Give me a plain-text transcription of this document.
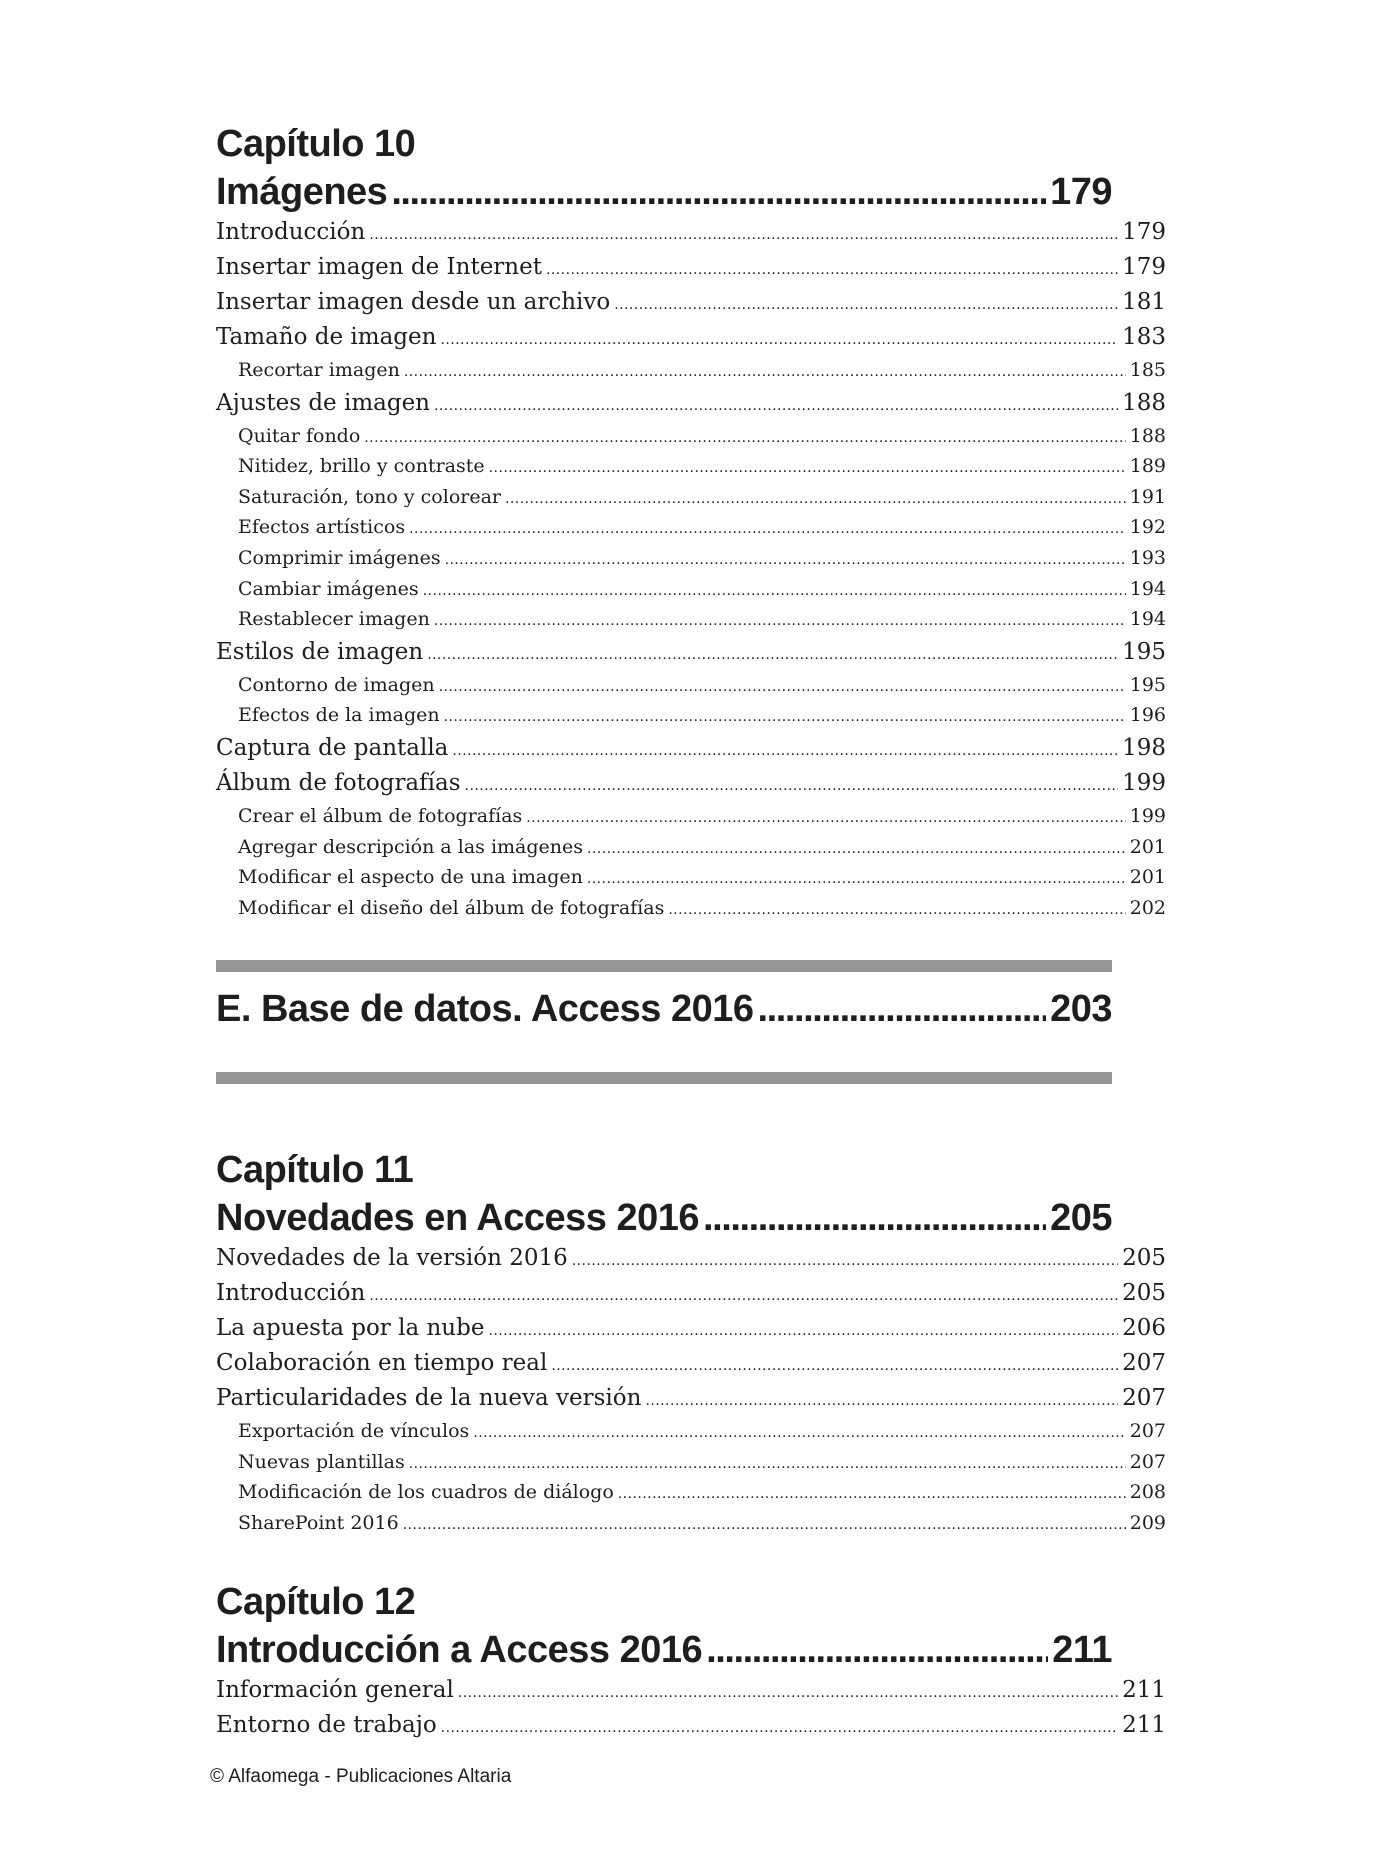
Capítulo 10
Imágenes . . .	179
Introducción . . .	179
Insertar imagen de Internet . . .	179
Insertar imagen desde un archivo . . .	181
Tamaño de imagen . . .	183
Recortar imagen . . .	185
Ajustes de imagen . . .	188
Quitar fondo . . .	188
Nitidez, brillo y contraste . . .	189
Saturación, tono y colorear . . .	191
Efectos artísticos . . .	192
Comprimir imágenes . . .	193
Cambiar imágenes . . .	194
Restablecer imagen . . .	194
Estilos de imagen . . .	195
Contorno de imagen . . .	195
Efectos de la imagen . . .	196
Captura de pantalla . . .	198
Álbum de fotografías . . .	199
Crear el álbum de fotografías . . .	199
Agregar descripción a las imágenes . . .	201
Modificar el aspecto de una imagen . . .	201
Modificar el diseño del álbum de fotografías . . .	202
E. Base de datos. Access 2016 . . .	203
Capítulo 11
Novedades en Access 2016 . . .	205
Novedades de la versión 2016 . . .	205
Introducción . . .	205
La apuesta por la nube . . .	206
Colaboración en tiempo real . . .	207
Particularidades de la nueva versión . . .	207
Exportación de vínculos . . .	207
Nuevas plantillas . . .	207
Modificación de los cuadros de diálogo . . .	208
SharePoint 2016 . . .	209
Capítulo 12
Introducción a Access 2016 . . .	211
Información general . . .	211
Entorno de trabajo . . .	211
© Alfaomega - Publicaciones Altaria
